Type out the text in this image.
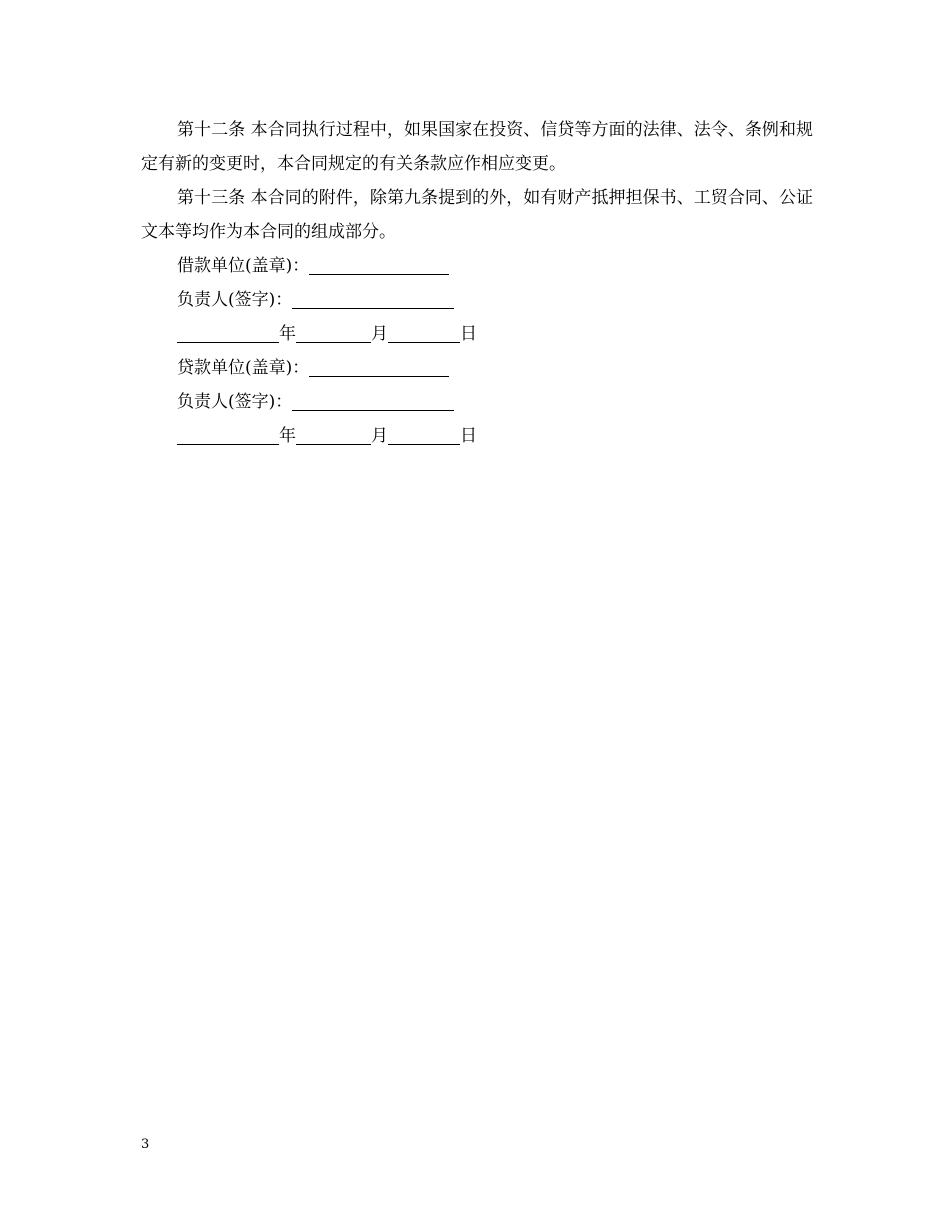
第十二条 本合同执行过程中，如果国家在投资、信贷等方面的法律、法令、条例和规定有新的变更时，本合同规定的有关条款应作相应变更。

第十三条 本合同的附件，除第九条提到的外，如有财产抵押担保书、工贸合同、公证文本等均作为本合同的组成部分。

借款单位(盖章)：
负责人(签字)：
年	月	日
贷款单位(盖章)：
负责人(签字)：
年	月	日
3
